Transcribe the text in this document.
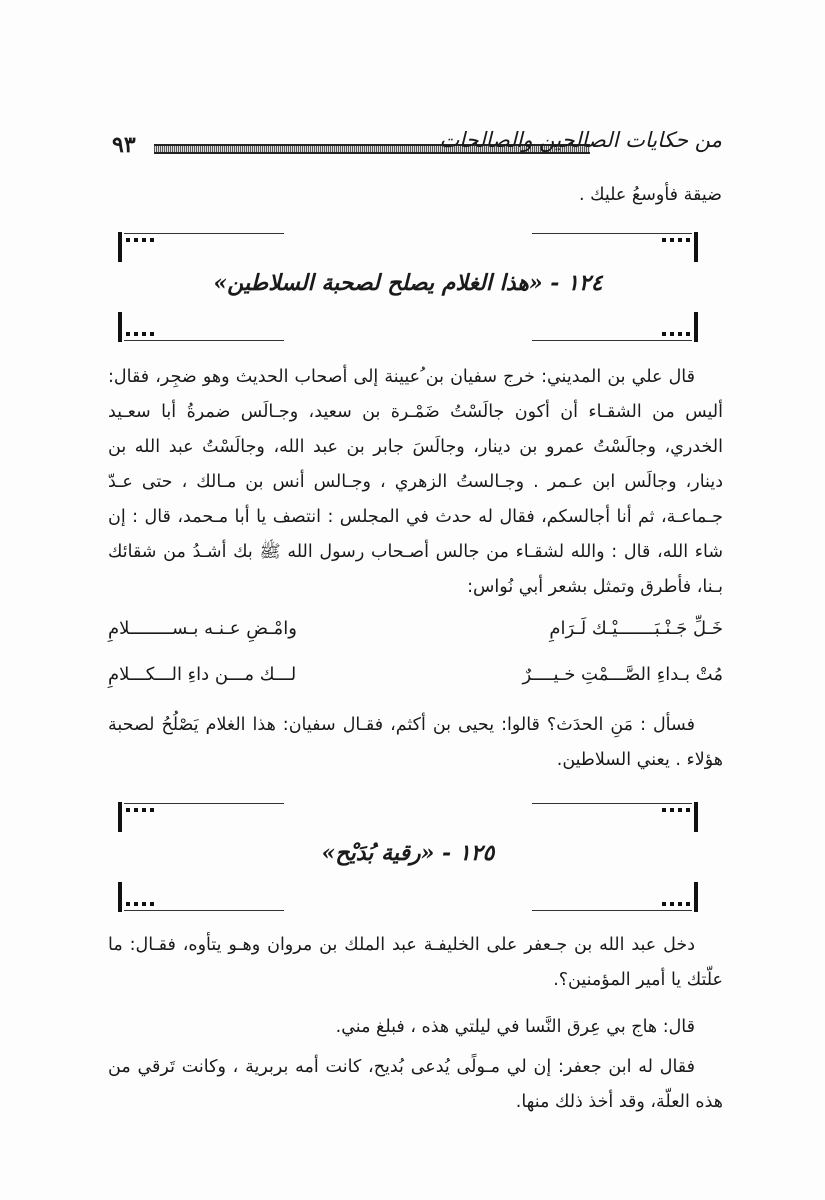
٩٣	من حكايات الصالحين والصالحات

ضيقة فأوسعُ عليك .

١٢٤ - «هذا الغلام يصلح لصحبة السلاطين»

قال علي بن المديني: خرج سفيان بن ُعيينة إلى أصحاب الحديث وهو ضجِر، فقال: أليس من الشقـاء أن أكون جالَسْتُ ضَمْـرة بن سعيد، وجـالَس ضمرةُ أبا سعـيد الخدري، وجالَسْتُ عمرو بن دينار، وجالَسَ جابر بن عبد الله، وجالَسْتُ عبد الله بن دينار، وجالَس ابن عـمر . وجـالستُ الزهري ، وجـالس أنس بن مـالك ، حتى عـدّ جـماعـة، ثم أنا أجالسكم، فقال له حدث في المجلس : انتصف يا أبا مـحمد، قال : إن شاء الله، قال : والله لشقـاء من جالس أصـحاب رسول الله ﷺ بك أشـدُ من شقائك بـنا، فأطرق وتمثل بشعر أبي نُواس:

خَـلِّ جَـنْـبَـــــــيْـك لَـرَامِ
وامْـضِ عـنـه بـســــــــلامِ
مُتْ بـداءِ الصَّـــمْتِ خـيــــرٌ
لـــك مـــن داءِ الـــكـــلامِ

فسأل : مَنِ الحدَث؟ قالوا: يحيى بن أكثم، فقـال سفيان: هذا الغلام يَصْلُحُ لصحبة هؤلاء . يعني السلاطين.

١٢٥ - «رقية بُدَيْح»

دخل عبد الله بن جـعفر على الخليفـة عبد الملك بن مروان وهـو يتأوه، فقـال: ما علّتك يا أمير المؤمنين؟.

قال: هاج بي عِرق النَّسا في ليلتي هذه ، فبلغ مني.

فقال له ابن جعفر: إن لي مـولًى يُدعى بُديح، كانت أمه بربرية ، وكانت تَرقي من هذه العلّة، وقد أخذ ذلك منها.
